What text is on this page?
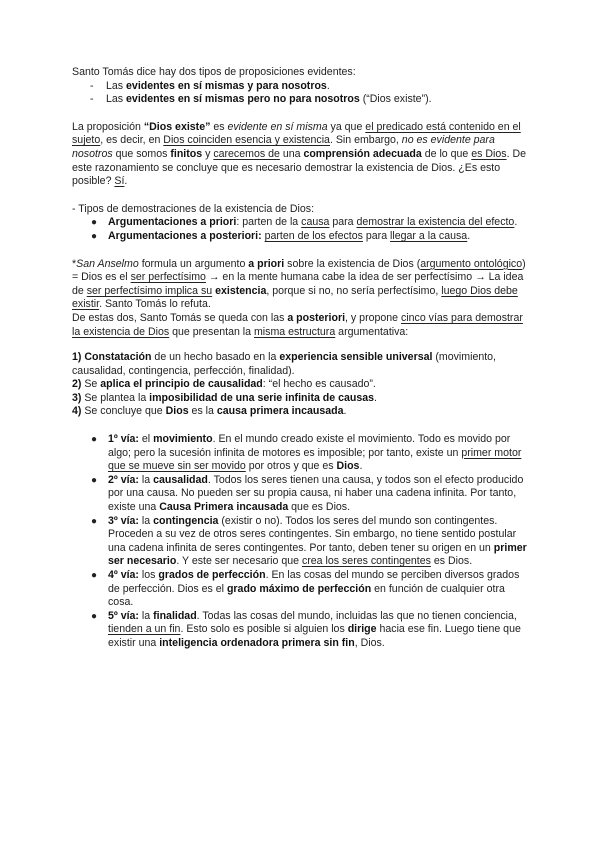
Santo Tomás dice hay dos tipos de proposiciones evidentes:

- Las evidentes en sí mismas y para nosotros.
- Las evidentes en sí mismas pero no para nosotros (“Dios existe”).

La proposición “Dios existe” es evidente en sí misma ya que el predicado está contenido en el sujeto, es decir, en Dios coinciden esencia y existencia. Sin embargo, no es evidente para nosotros que somos finitos y carecemos de una comprensión adecuada de lo que es Dios. De este razonamiento se concluye que es necesario demostrar la existencia de Dios. ¿Es esto posible? Sí.

- Tipos de demostraciones de la existencia de Dios:

● Argumentaciones a priori: parten de la causa para demostrar la existencia del efecto.
● Argumentaciones a posteriori: parten de los efectos para llegar a la causa.

*San Anselmo formula un argumento a priori sobre la existencia de Dios (argumento ontológico) = Dios es el ser perfectísimo → en la mente humana cabe la idea de ser perfectísimo → La idea de ser perfectísimo implica su existencia, porque si no, no sería perfectísimo, luego Dios debe existir. Santo Tomás lo refuta.

De estas dos, Santo Tomás se queda con las a posteriori, y propone cinco vías para demostrar la existencia de Dios que presentan la misma estructura argumentativa:

1) Constatación de un hecho basado en la experiencia sensible universal (movimiento, causalidad, contingencia, perfección, finalidad).

2) Se aplica el principio de causalidad: “el hecho es causado”.

3) Se plantea la imposibilidad de una serie infinita de causas.

4) Se concluye que Dios es la causa primera incausada.

● 1º vía: el movimiento. En el mundo creado existe el movimiento. Todo es movido por algo; pero la sucesión infinita de motores es imposible; por tanto, existe un primer motor que se mueve sin ser movido por otros y que es Dios.
● 2º vía: la causalidad. Todos los seres tienen una causa, y todos son el efecto producido por una causa. No pueden ser su propia causa, ni haber una cadena infinita. Por tanto, existe una Causa Primera incausada que es Dios.
● 3º vía: la contingencia (existir o no). Todos los seres del mundo son contingentes. Proceden a su vez de otros seres contingentes. Sin embargo, no tiene sentido postular una cadena infinita de seres contingentes. Por tanto, deben tener su origen en un primer ser necesario. Y este ser necesario que crea los seres contingentes es Dios.
● 4º vía: los grados de perfección. En las cosas del mundo se perciben diversos grados de perfección. Dios es el grado máximo de perfección en función de cualquier otra cosa.
● 5º vía: la finalidad. Todas las cosas del mundo, incluidas las que no tienen conciencia, tienden a un fin. Esto solo es posible si alguien los dirige hacia ese fin. Luego tiene que existir una inteligencia ordenadora primera sin fin, Dios.
